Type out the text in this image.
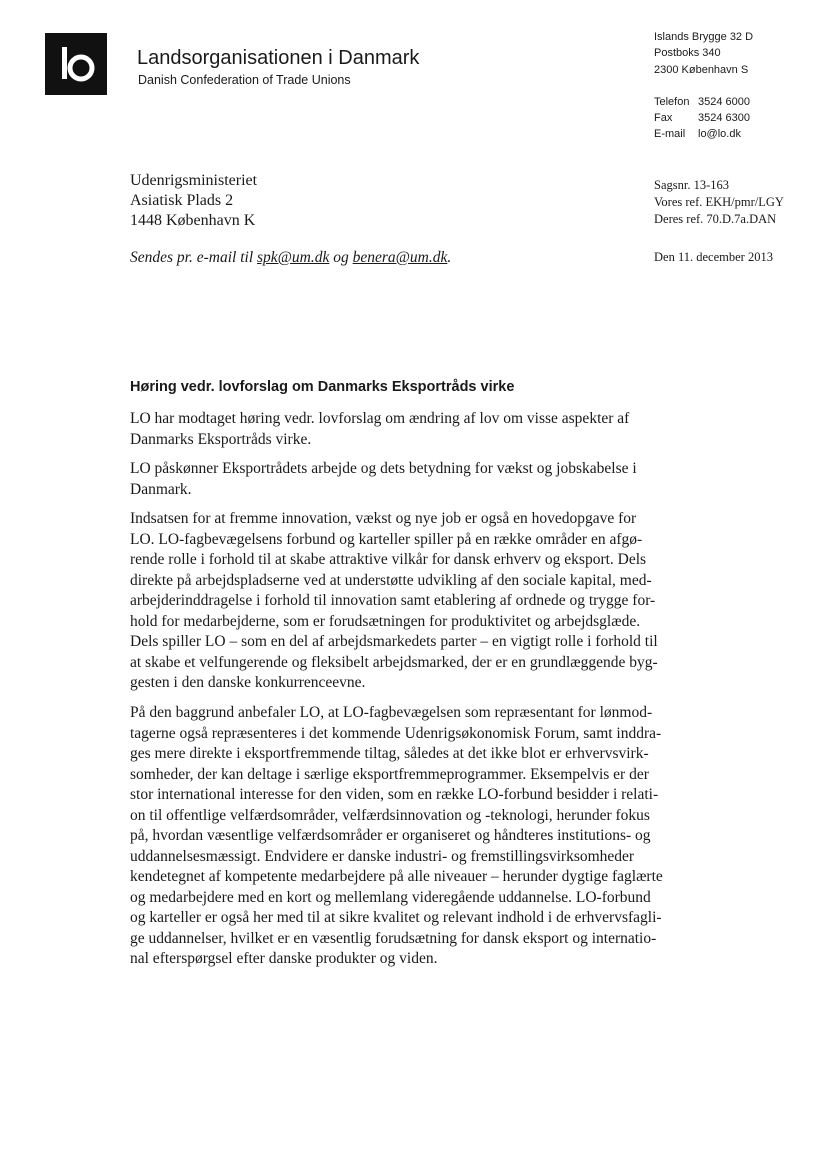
Landsorganisationen i Danmark
Danish Confederation of Trade Unions
Islands Brygge 32 D
Postboks 340
2300 København S
Telefon 3524 6000
Fax 3524 6300
E-mail lo@lo.dk
Udenrigsministeriet
Asiatisk Plads 2
1448 København K
Sagsnr. 13-163
Vores ref. EKH/pmr/LGY
Deres ref. 70.D.7a.DAN
Sendes pr. e-mail til spk@um.dk og benera@um.dk.	Den 11. december 2013
Høring vedr. lovforslag om Danmarks Eksportråds virke
LO har modtaget høring vedr. lovforslag om ændring af lov om visse aspekter af
Danmarks Eksportråds virke.
LO påskønner Eksportrådets arbejde og dets betydning for vækst og jobskabelse i
Danmark.
Indsatsen for at fremme innovation, vækst og nye job er også en hovedopgave for
LO. LO-fagbevægelsens forbund og karteller spiller på en række områder en afgø-
rende rolle i forhold til at skabe attraktive vilkår for dansk erhverv og eksport. Dels
direkte på arbejdspladserne ved at understøtte udvikling af den sociale kapital, med-
arbejderinddragelse i forhold til innovation samt etablering af ordnede og trygge for-
hold for medarbejderne, som er forudsætningen for produktivitet og arbejdsglæde.
Dels spiller LO – som en del af arbejdsmarkedets parter – en vigtigt rolle i forhold til
at skabe et velfungerende og fleksibelt arbejdsmarked, der er en grundlæggende byg-
gesten i den danske konkurrenceevne.
På den baggrund anbefaler LO, at LO-fagbevægelsen som repræsentant for lønmod-
tagerne også repræsenteres i det kommende Udenrigsøkonomisk Forum, samt inddra-
ges mere direkte i eksportfremmende tiltag, således at det ikke blot er erhvervsvirk-
somheder, der kan deltage i særlige eksportfremmeprogrammer. Eksempelvis er der
stor international interesse for den viden, som en række LO-forbund besidder i relati-
on til offentlige velfærdsområder, velfærdsinnovation og -teknologi, herunder fokus
på, hvordan væsentlige velfærdsområder er organiseret og håndteres institutions- og
uddannelsesmæssigt. Endvidere er danske industri- og fremstillingsvirksomheder
kendetegnet af kompetente medarbejdere på alle niveauer – herunder dygtige faglærte
og medarbejdere med en kort og mellemlang videregående uddannelse. LO-forbund
og karteller er også her med til at sikre kvalitet og relevant indhold i de erhvervsfagli-
ge uddannelser, hvilket er en væsentlig forudsætning for dansk eksport og internatio-
nal efterspørgsel efter danske produkter og viden.
